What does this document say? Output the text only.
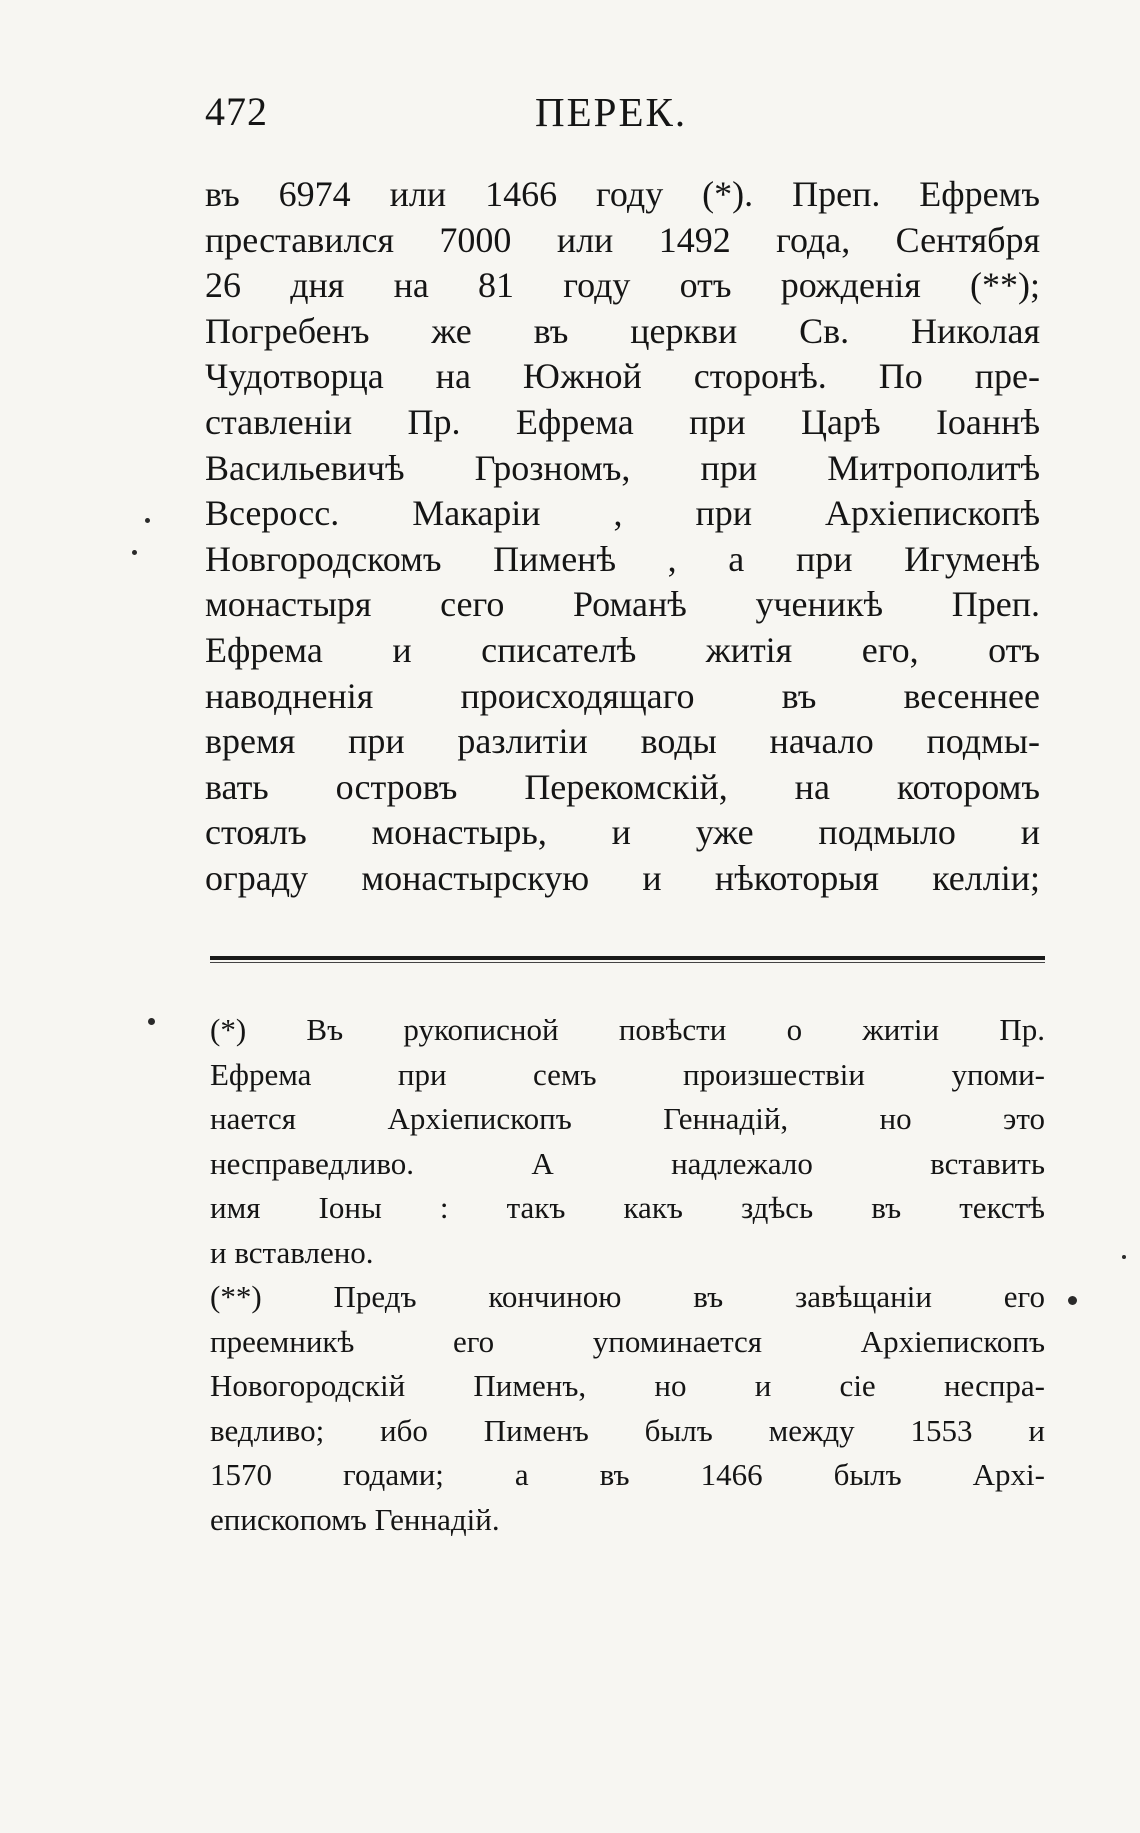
472	ПЕРЕК.
въ 6974 или 1466 году (*). Преп. Ефремъ
преставился 7000 или 1492 года, Сентября
26 дня на 81 году отъ рожденія (**);
Погребенъ же въ церкви Св. Николая
Чудотворца на Южной сторонѣ. По пре-
ставленіи Пр. Ефрема при Царѣ Іоаннѣ
Васильевичѣ Грозномъ, при Митрополитѣ
Всеросс. Макаріи , при Архіепископѣ
Новгородскомъ Пименѣ , а при Игуменѣ
монастыря сего Романѣ ученикѣ Преп.
Ефрема и списателѣ житія его, отъ
наводненія происходящаго въ весеннее
время при разлитіи воды начало подмы-
вать островъ Перекомскій, на которомъ
стоялъ монастырь, и уже подмыло и
ограду монастырскую и нѣкоторыя келліи;
(*) Въ рукописной повѣсти о житіи Пр.
Ефрема при семъ произшествіи упоми-
нается Архіепископъ Геннадій, но это
несправедливо. А надлежало вставить
имя Іоны : такъ какъ здѣсь въ текстѣ
и вставлено.
(**) Предъ кончиною въ завѣщаніи его
преемникѣ его упоминается Архіепископъ
Новогородскій Пименъ, но и сіе неспра-
ведливо; ибо Пименъ былъ между 1553 и
1570 годами; а въ 1466 былъ Архі-
епископомъ Геннадій.
